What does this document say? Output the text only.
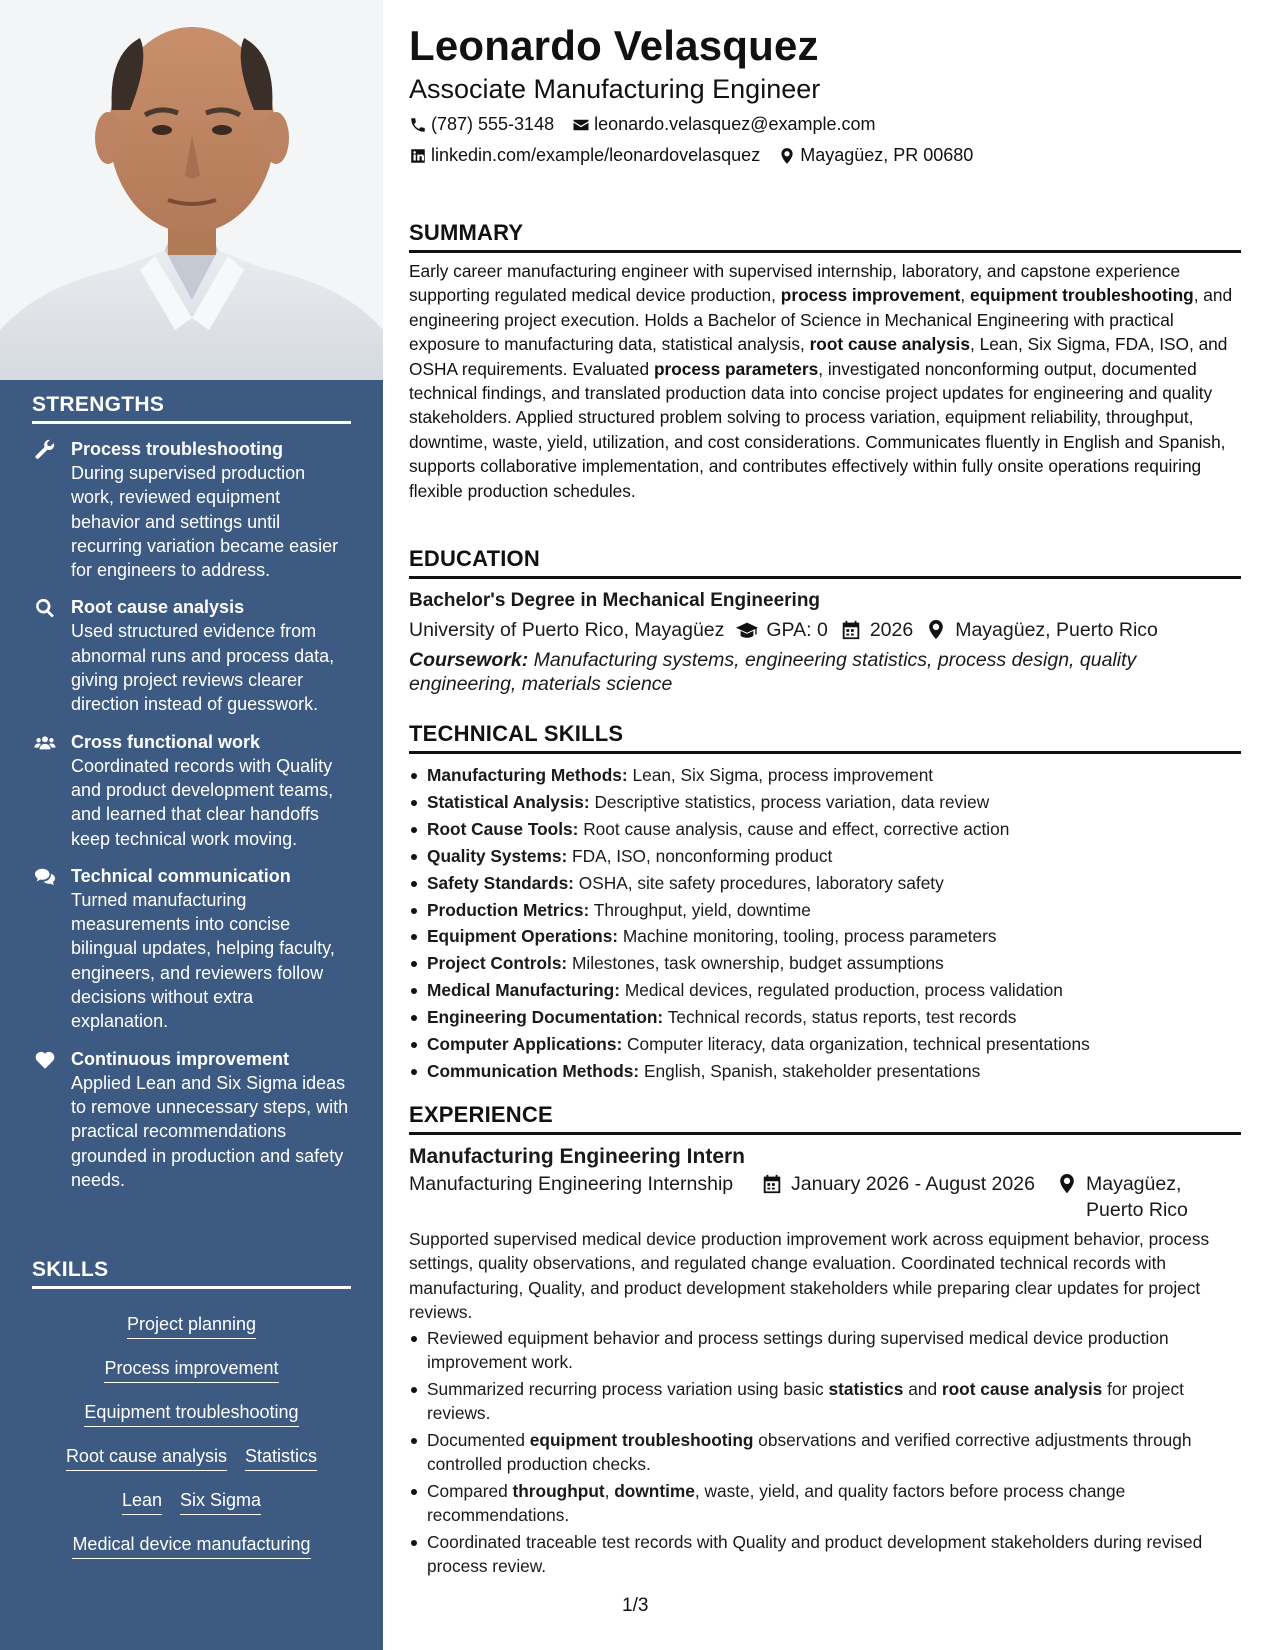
STRENGTHS
Process troubleshooting
During supervised production work, reviewed equipment behavior and settings until recurring variation became easier for engineers to address.
Root cause analysis
Used structured evidence from abnormal runs and process data, giving project reviews clearer direction instead of guesswork.
Cross functional work
Coordinated records with Quality and product development teams, and learned that clear handoffs keep technical work moving.
Technical communication
Turned manufacturing measurements into concise bilingual updates, helping faculty, engineers, and reviewers follow decisions without extra explanation.
Continuous improvement
Applied Lean and Six Sigma ideas to remove unnecessary steps, with practical recommendations grounded in production and safety needs.
SKILLS
Project planning
Process improvement
Equipment troubleshooting
Root cause analysis Statistics
Lean Six Sigma
Medical device manufacturing
Leonardo Velasquez
Associate Manufacturing Engineer
(787) 555-3148 leonardo.velasquez@example.com
linkedin.com/example/leonardovelasquez Mayagüez, PR 00680
SUMMARY
Early career manufacturing engineer with supervised internship, laboratory, and capstone experience supporting regulated medical device production, process improvement, equipment troubleshooting, and engineering project execution. Holds a Bachelor of Science in Mechanical Engineering with practical exposure to manufacturing data, statistical analysis, root cause analysis, Lean, Six Sigma, FDA, ISO, and OSHA requirements. Evaluated process parameters, investigated nonconforming output, documented technical findings, and translated production data into concise project updates for engineering and quality stakeholders. Applied structured problem solving to process variation, equipment reliability, throughput, downtime, waste, yield, utilization, and cost considerations. Communicates fluently in English and Spanish, supports collaborative implementation, and contributes effectively within fully onsite operations requiring flexible production schedules.
EDUCATION
Bachelor's Degree in Mechanical Engineering
University of Puerto Rico, Mayagüez GPA: 0 2026 Mayagüez, Puerto Rico
Coursework: Manufacturing systems, engineering statistics, process design, quality engineering, materials science
TECHNICAL SKILLS
Manufacturing Methods: Lean, Six Sigma, process improvement
Statistical Analysis: Descriptive statistics, process variation, data review
Root Cause Tools: Root cause analysis, cause and effect, corrective action
Quality Systems: FDA, ISO, nonconforming product
Safety Standards: OSHA, site safety procedures, laboratory safety
Production Metrics: Throughput, yield, downtime
Equipment Operations: Machine monitoring, tooling, process parameters
Project Controls: Milestones, task ownership, budget assumptions
Medical Manufacturing: Medical devices, regulated production, process validation
Engineering Documentation: Technical records, status reports, test records
Computer Applications: Computer literacy, data organization, technical presentations
Communication Methods: English, Spanish, stakeholder presentations
EXPERIENCE
Manufacturing Engineering Intern
Manufacturing Engineering Internship	January 2026 - August 2026	Mayagüez, Puerto Rico
Supported supervised medical device production improvement work across equipment behavior, process settings, quality observations, and regulated change evaluation. Coordinated technical records with manufacturing, Quality, and product development stakeholders while preparing clear updates for project reviews.
Reviewed equipment behavior and process settings during supervised medical device production improvement work.
Summarized recurring process variation using basic statistics and root cause analysis for project reviews.
Documented equipment troubleshooting observations and verified corrective adjustments through controlled production checks.
Compared throughput, downtime, waste, yield, and quality factors before process change recommendations.
Coordinated traceable test records with Quality and product development stakeholders during revised process review.
1/3
